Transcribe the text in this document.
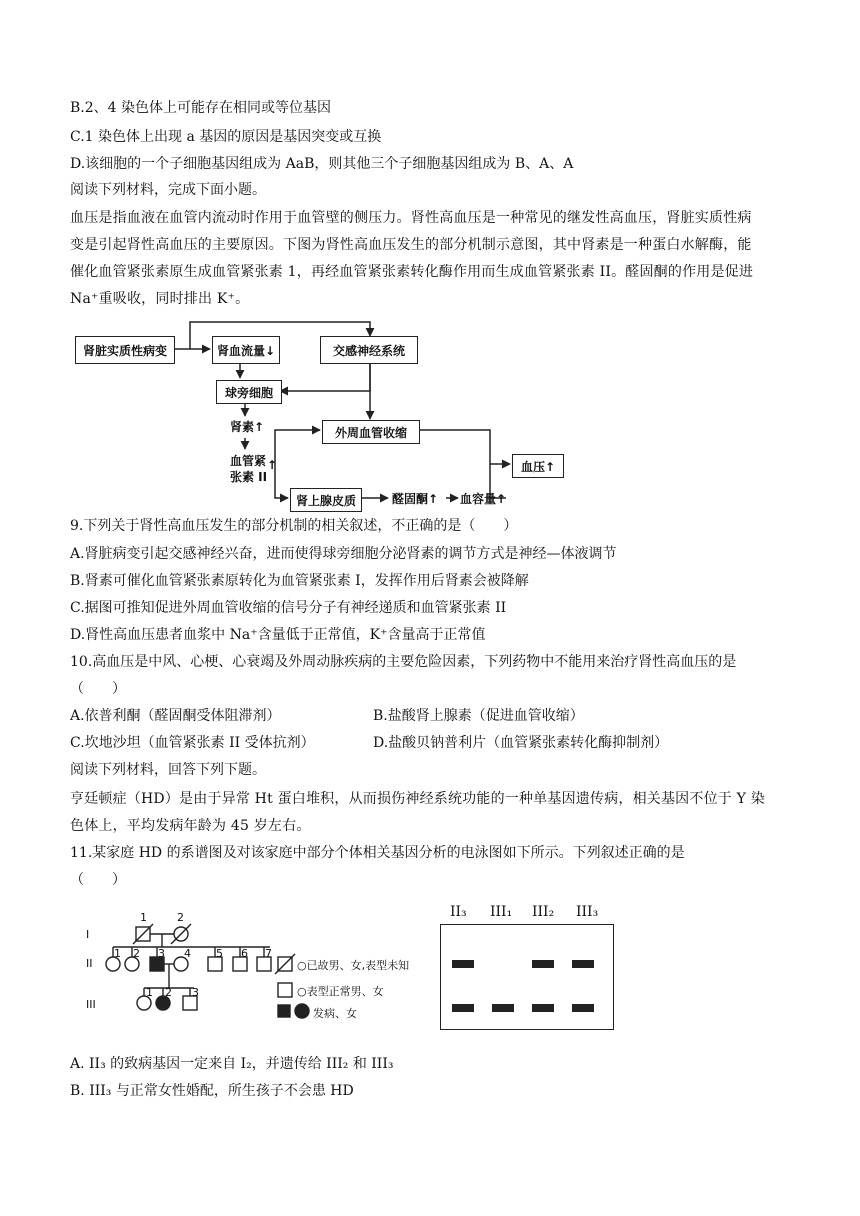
B.2、4 染色体上可能存在相同或等位基因
C.1 染色体上出现 a 基因的原因是基因突变或互换
D.该细胞的一个子细胞基因组成为 AaB，则其他三个子细胞基因组成为 B、A、A
阅读下列材料，完成下面小题。
血压是指血液在血管内流动时作用于血管壁的侧压力。肾性高血压是一种常见的继发性高血压，肾脏实质性病
变是引起肾性高血压的主要原因。下图为肾性高血压发生的部分机制示意图，其中肾素是一种蛋白水解酶，能
催化血管紧张素原生成血管紧张素 1，再经血管紧张素转化酶作用而生成血管紧张素 II。醛固酮的作用是促进
Na⁺重吸收，同时排出 K⁺。
肾脏实质性病变	肾血流量↓	交感神经系统
球旁细胞
肾素↑
血管紧
张素 II
↑
外周血管收缩
肾上腺皮质	醛固酮↑ 血容量↑
血压↑
9.下列关于肾性高血压发生的部分机制的相关叙述，不正确的是（　　）
A.肾脏病变引起交感神经兴奋，进而使得球旁细胞分泌肾素的调节方式是神经—体液调节
B.肾素可催化血管紧张素原转化为血管紧张素 I，发挥作用后肾素会被降解
C.据图可推知促进外周血管收缩的信号分子有神经递质和血管紧张素 II
D.肾性高血压患者血浆中 Na⁺含量低于正常值，K⁺含量高于正常值
10.高血压是中风、心梗、心衰竭及外周动脉疾病的主要危险因素，下列药物中不能用来治疗肾性高血压的是
（　　）
A.依普利酮（醛固酮受体阻滞剂）	B.盐酸肾上腺素（促进血管收缩）
C.坎地沙坦（血管紧张素 II 受体抗剂）	D.盐酸贝钠普利片（血管紧张素转化酶抑制剂）
阅读下列材料，回答下列下题。
亨廷顿症（HD）是由于异常 Ht 蛋白堆积，从而损伤神经系统功能的一种单基因遗传病，相关基因不位于 Y 染
色体上，平均发病年龄为 45 岁左右。
11.某家庭 HD 的系谱图及对该家庭中部分个体相关基因分析的电泳图如下所示。下列叙述正确的是
（　　）
I
II
III
1	2
1 2 3 4 5 6 7
1 2 3
○已故男、女,表型未知
○表型正常男、女
发病、女
II₃ III₁ III₂ III₃
A. II₃ 的致病基因一定来自 I₂，并遗传给 III₂ 和 III₃
B. III₃ 与正常女性婚配，所生孩子不会患 HD
